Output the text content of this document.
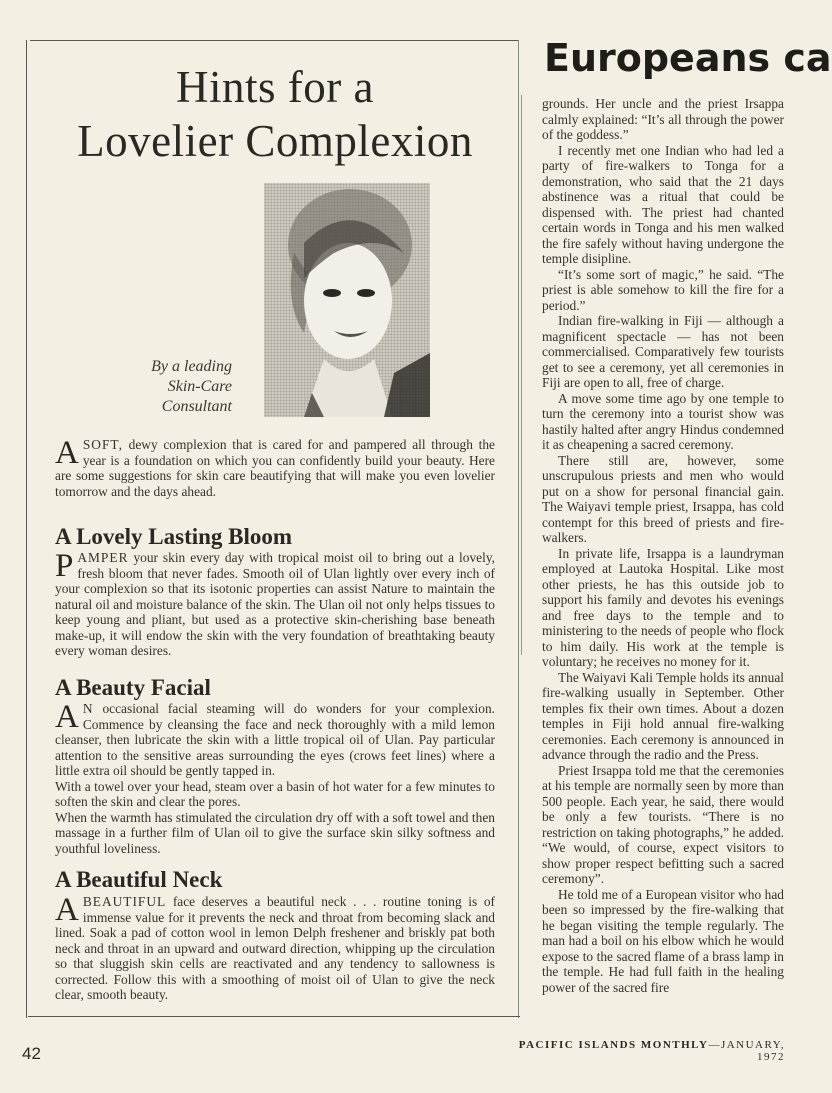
Hints for a
Lovelier Complexion
By a leading
Skin-Care
Consultant
ASOFT, dewy complexion that is cared for and pampered all through the year is a foundation on which you can confidently build your beauty. Here are some suggestions for skin care beautifying that will make you even lovelier tomorrow and the days ahead.
A Lovely Lasting Bloom
PAMPER your skin every day with tropical moist oil to bring out a lovely, fresh bloom that never fades. Smooth oil of Ulan lightly over every inch of your complexion so that its isotonic properties can assist Nature to maintain the natural oil and moisture balance of the skin. The Ulan oil not only helps tissues to keep young and pliant, but used as a protective skin-cherishing base beneath make-up, it will endow the skin with the very foundation of breathtaking beauty every woman desires.
A Beauty Facial
AN occasional facial steaming will do wonders for your complexion. Commence by cleansing the face and neck thoroughly with a mild lemon cleanser, then lubricate the skin with a little tropical oil of Ulan. Pay particular attention to the sensitive areas surrounding the eyes (crows feet lines) where a little extra oil should be gently tapped in.
With a towel over your head, steam over a basin of hot water for a few minutes to soften the skin and clear the pores.
When the warmth has stimulated the circulation dry off with a soft towel and then massage in a further film of Ulan oil to give the surface skin silky softness and youthful loveliness.
A Beautiful Neck
ABEAUTIFUL face deserves a beautiful neck . . . routine toning is of immense value for it prevents the neck and throat from becoming slack and lined. Soak a pad of cotton wool in lemon Delph freshener and briskly pat both neck and throat in an upward and outward direction, whipping up the circulation so that sluggish skin cells are reactivated and any tendency to sallowness is corrected. Follow this with a smoothing of moist oil of Ulan to give the neck clear, smooth beauty.
Europeans ca

grounds. Her uncle and the priest Irsappa calmly explained: “It’s all through the power of the goddess.”

I recently met one Indian who had led a party of fire-walkers to Tonga for a demonstration, who said that the 21 days abstinence was a ritual that could be dispensed with. The priest had chanted certain words in Tonga and his men walked the fire safely without having undergone the temple disipline.

“It’s some sort of magic,” he said. “The priest is able somehow to kill the fire for a period.”

Indian fire-walking in Fiji — although a magnificent spectacle — has not been commercialised. Comparatively few tourists get to see a ceremony, yet all ceremonies in Fiji are open to all, free of charge.

A move some time ago by one temple to turn the ceremony into a tourist show was hastily halted after angry Hindus condemned it as cheapening a sacred ceremony.

There still are, however, some unscrupulous priests and men who would put on a show for personal financial gain. The Waiyavi temple priest, Irsappa, has cold contempt for this breed of priests and fire-walkers.

In private life, Irsappa is a laundryman employed at Lautoka Hospital. Like most other priests, he has this outside job to support his family and devotes his evenings and free days to the temple and to ministering to the needs of people who flock to him daily. His work at the temple is voluntary; he receives no money for it.

The Waiyavi Kali Temple holds its annual fire-walking usually in September. Other temples fix their own times. About a dozen temples in Fiji hold annual fire-walking ceremonies. Each ceremony is announced in advance through the radio and the Press.

Priest Irsappa told me that the ceremonies at his temple are normally seen by more than 500 people. Each year, he said, there would be only a few tourists. “There is no restriction on taking photographs,” he added. “We would, of course, expect visitors to show proper respect befitting such a sacred ceremony”.

He told me of a European visitor who had been so impressed by the fire-walking that he began visiting the temple regularly. The man had a boil on his elbow which he would expose to the sacred flame of a brass lamp in the temple. He had full faith in the healing power of the sacred fire

42	PACIFIC ISLANDS MONTHLY—JANUARY, 1972
